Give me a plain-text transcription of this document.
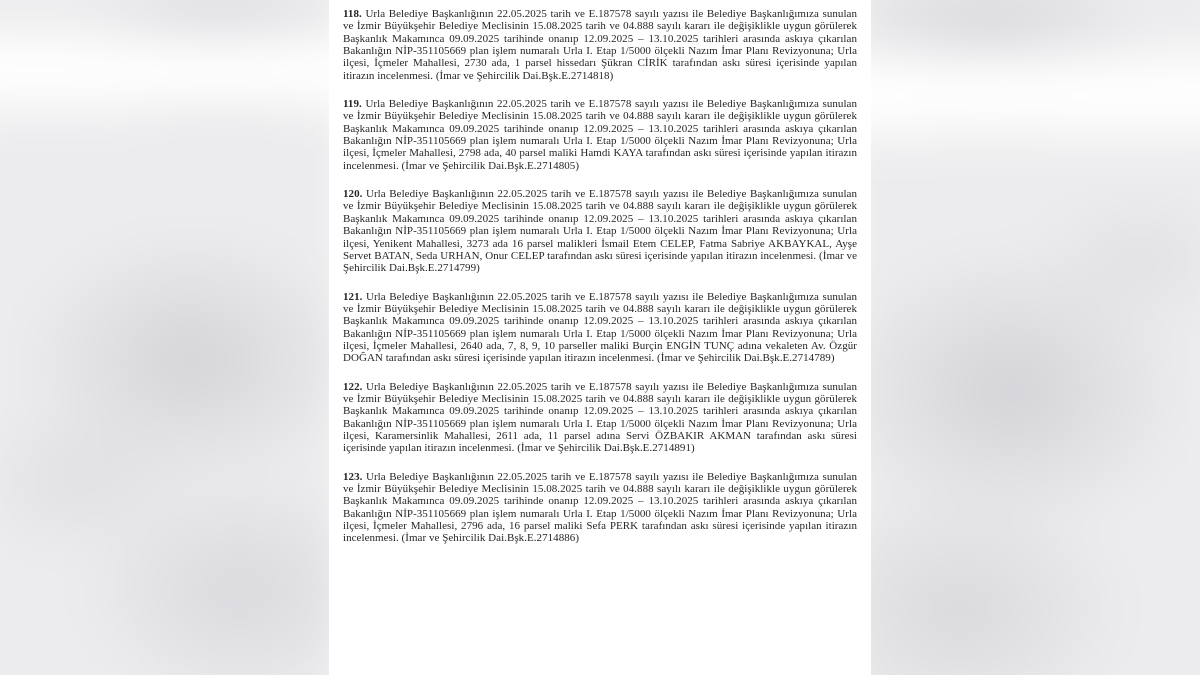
118. Urla Belediye Başkanlığının 22.05.2025 tarih ve E.187578 sayılı yazısı ile Belediye Başkanlığımıza sunulan ve İzmir Büyükşehir Belediye Meclisinin 15.08.2025 tarih ve 04.888 sayılı kararı ile değişiklikle uygun görülerek Başkanlık Makamınca 09.09.2025 tarihinde onanıp 12.09.2025 – 13.10.2025 tarihleri arasında askıya çıkarılan Bakanlığın NİP-351105669 plan işlem numaralı Urla I. Etap 1/5000 ölçekli Nazım İmar Planı Revizyonuna; Urla ilçesi, İçmeler Mahallesi, 2730 ada, 1 parsel hissedarı Şükran CİRİK tarafından askı süresi içerisinde yapılan itirazın incelenmesi. (İmar ve Şehircilik Dai.Bşk.E.2714818)

119. Urla Belediye Başkanlığının 22.05.2025 tarih ve E.187578 sayılı yazısı ile Belediye Başkanlığımıza sunulan ve İzmir Büyükşehir Belediye Meclisinin 15.08.2025 tarih ve 04.888 sayılı kararı ile değişiklikle uygun görülerek Başkanlık Makamınca 09.09.2025 tarihinde onanıp 12.09.2025 – 13.10.2025 tarihleri arasında askıya çıkarılan Bakanlığın NİP-351105669 plan işlem numaralı Urla I. Etap 1/5000 ölçekli Nazım İmar Planı Revizyonuna; Urla ilçesi, İçmeler Mahallesi, 2798 ada, 40 parsel maliki Hamdi KAYA tarafından askı süresi içerisinde yapılan itirazın incelenmesi. (İmar ve Şehircilik Dai.Bşk.E.2714805)

120. Urla Belediye Başkanlığının 22.05.2025 tarih ve E.187578 sayılı yazısı ile Belediye Başkanlığımıza sunulan ve İzmir Büyükşehir Belediye Meclisinin 15.08.2025 tarih ve 04.888 sayılı kararı ile değişiklikle uygun görülerek Başkanlık Makamınca 09.09.2025 tarihinde onanıp 12.09.2025 – 13.10.2025 tarihleri arasında askıya çıkarılan Bakanlığın NİP-351105669 plan işlem numaralı Urla I. Etap 1/5000 ölçekli Nazım İmar Planı Revizyonuna; Urla ilçesi, Yenikent Mahallesi, 3273 ada 16 parsel malikleri İsmail Etem CELEP, Fatma Sabriye AKBAYKAL, Ayşe Servet BATAN, Seda URHAN, Onur CELEP tarafından askı süresi içerisinde yapılan itirazın incelenmesi. (İmar ve Şehircilik Dai.Bşk.E.2714799)

121. Urla Belediye Başkanlığının 22.05.2025 tarih ve E.187578 sayılı yazısı ile Belediye Başkanlığımıza sunulan ve İzmir Büyükşehir Belediye Meclisinin 15.08.2025 tarih ve 04.888 sayılı kararı ile değişiklikle uygun görülerek Başkanlık Makamınca 09.09.2025 tarihinde onanıp 12.09.2025 – 13.10.2025 tarihleri arasında askıya çıkarılan Bakanlığın NİP-351105669 plan işlem numaralı Urla I. Etap 1/5000 ölçekli Nazım İmar Planı Revizyonuna; Urla ilçesi, İçmeler Mahallesi, 2640 ada, 7, 8, 9, 10 parseller maliki Burçin ENGİN TUNÇ adına vekaleten Av. Özgür DOĞAN tarafından askı süresi içerisinde yapılan itirazın incelenmesi. (İmar ve Şehircilik Dai.Bşk.E.2714789)

122. Urla Belediye Başkanlığının 22.05.2025 tarih ve E.187578 sayılı yazısı ile Belediye Başkanlığımıza sunulan ve İzmir Büyükşehir Belediye Meclisinin 15.08.2025 tarih ve 04.888 sayılı kararı ile değişiklikle uygun görülerek Başkanlık Makamınca 09.09.2025 tarihinde onanıp 12.09.2025 – 13.10.2025 tarihleri arasında askıya çıkarılan Bakanlığın NİP-351105669 plan işlem numaralı Urla I. Etap 1/5000 ölçekli Nazım İmar Planı Revizyonuna; Urla ilçesi, Karamersinlik Mahallesi, 2611 ada, 11 parsel adına Servi ÖZBAKIR AKMAN tarafından askı süresi içerisinde yapılan itirazın incelenmesi. (İmar ve Şehircilik Dai.Bşk.E.2714891)

123. Urla Belediye Başkanlığının 22.05.2025 tarih ve E.187578 sayılı yazısı ile Belediye Başkanlığımıza sunulan ve İzmir Büyükşehir Belediye Meclisinin 15.08.2025 tarih ve 04.888 sayılı kararı ile değişiklikle uygun görülerek Başkanlık Makamınca 09.09.2025 tarihinde onanıp 12.09.2025 – 13.10.2025 tarihleri arasında askıya çıkarılan Bakanlığın NİP-351105669 plan işlem numaralı Urla I. Etap 1/5000 ölçekli Nazım İmar Planı Revizyonuna; Urla ilçesi, İçmeler Mahallesi, 2796 ada, 16 parsel maliki Sefa PERK tarafından askı süresi içerisinde yapılan itirazın incelenmesi. (İmar ve Şehircilik Dai.Bşk.E.2714886)
